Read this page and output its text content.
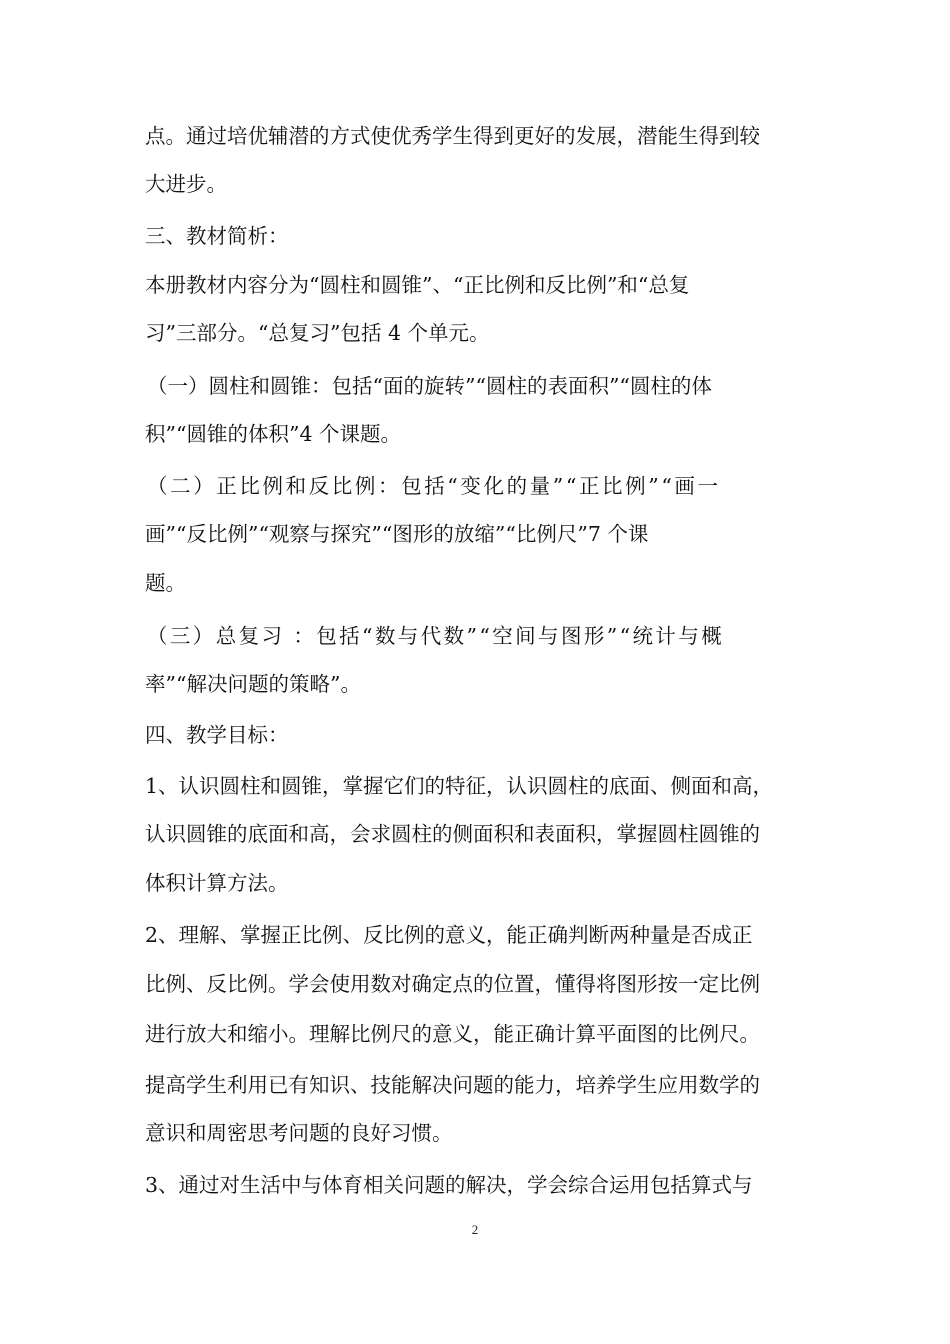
点。通过培优辅潜的方式使优秀学生得到更好的发展，潜能生得到较
大进步。
三、教材简析：
本册教材内容分为“圆柱和圆锥”、“正比例和反比例”和“总复
习”三部分。“总复习”包括 4 个单元。
（一）圆柱和圆锥：包括“面的旋转”“圆柱的表面积”“圆柱的体
积”“圆锥的体积”4 个课题。
（二）正比例和反比例：包括“变化的量”“正比例”“画一
画”“反比例”“观察与探究”“图形的放缩”“比例尺”7 个课
题。
（三）总复习 ：包括“数与代数”“空间与图形”“统计与概
率”“解决问题的策略”。
四、教学目标：
1、认识圆柱和圆锥，掌握它们的特征，认识圆柱的底面、侧面和高，
认识圆锥的底面和高，会求圆柱的侧面积和表面积，掌握圆柱圆锥的
体积计算方法。
2、理解、掌握正比例、反比例的意义，能正确判断两种量是否成正
比例、反比例。学会使用数对确定点的位置，懂得将图形按一定比例
进行放大和缩小。理解比例尺的意义，能正确计算平面图的比例尺。
提高学生利用已有知识、技能解决问题的能力，培养学生应用数学的
意识和周密思考问题的良好习惯。
3、通过对生活中与体育相关问题的解决，学会综合运用包括算式与
2
